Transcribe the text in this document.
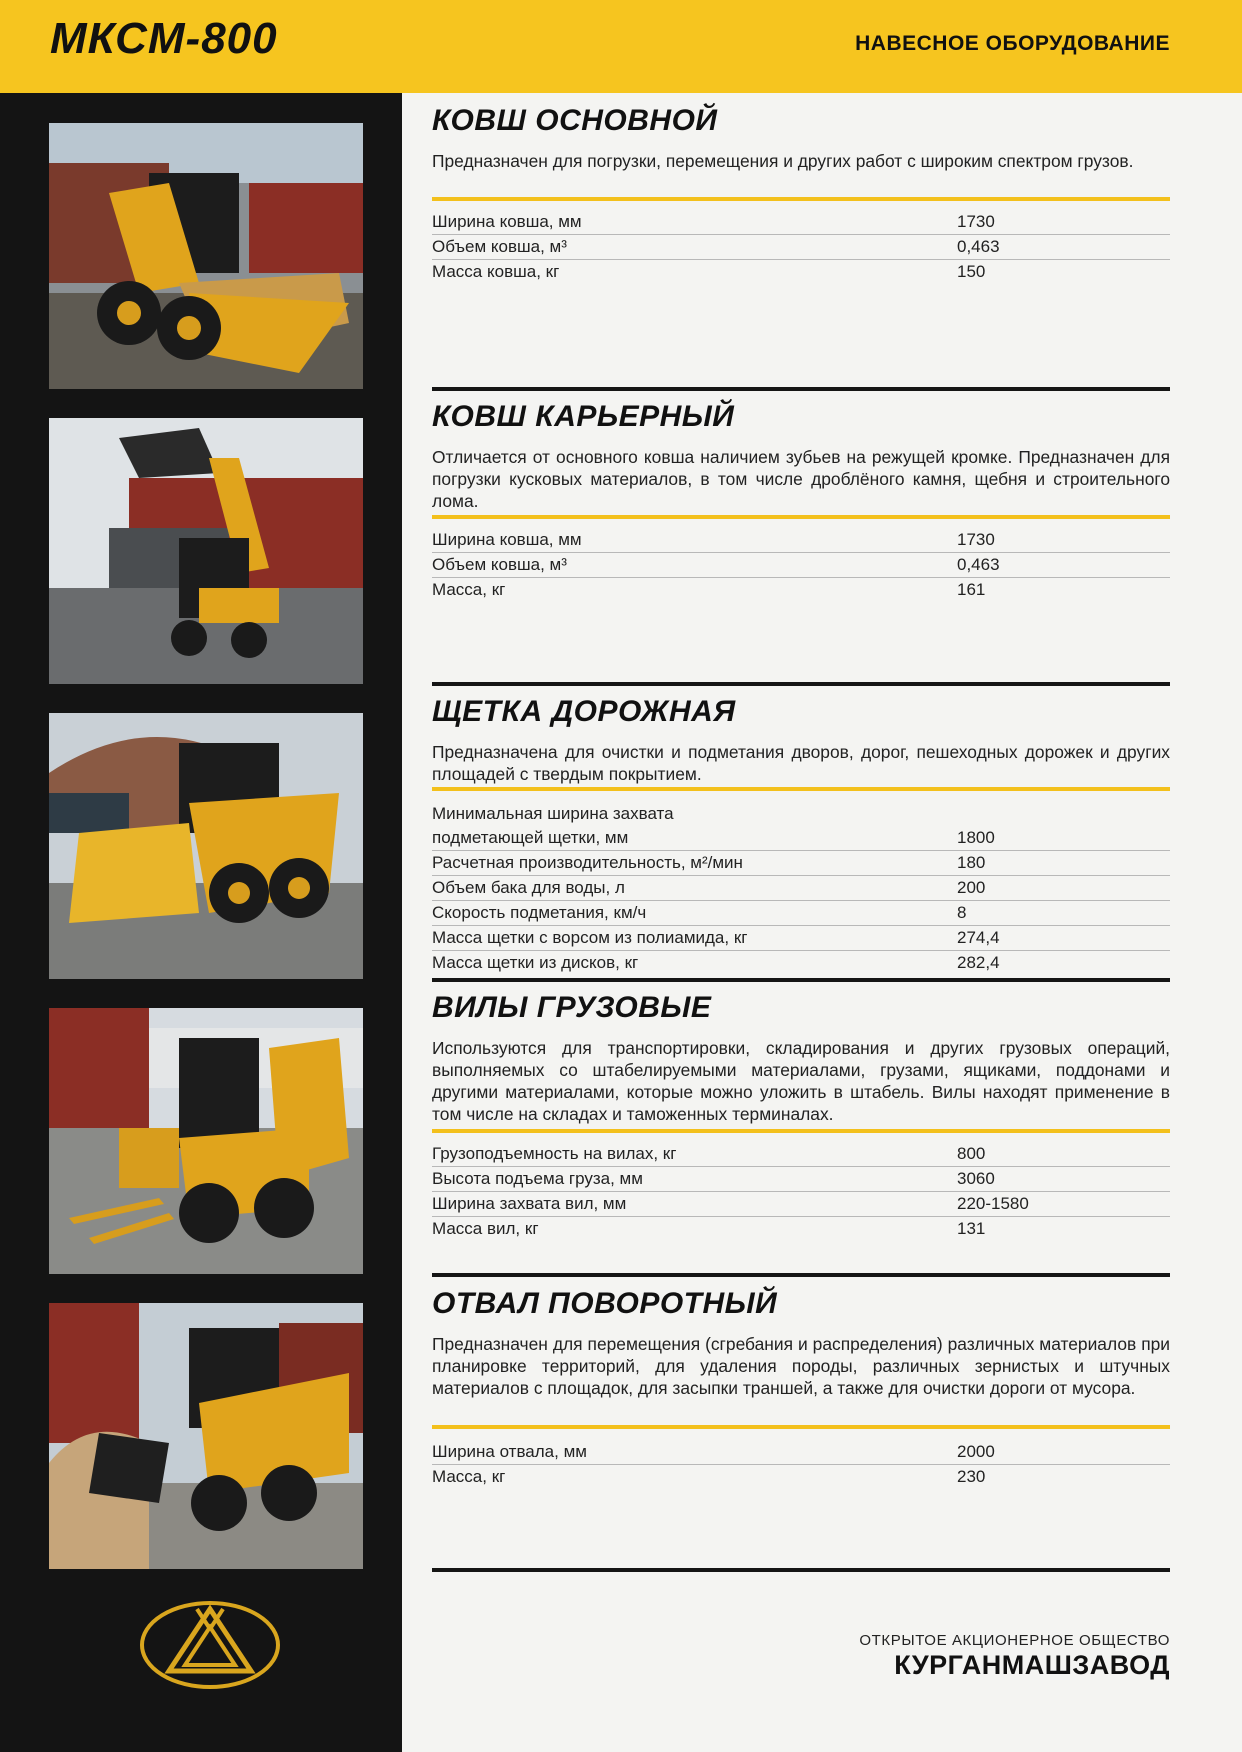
МКСМ-800	НАВЕСНОЕ ОБОРУДОВАНИЕ
КОВШ ОСНОВНОЙ
Предназначен для погрузки, перемещения и других работ с широким спектром грузов.
Ширина ковша, мм	1730
Объем ковша, м³	0,463
Масса ковша, кг	150
КОВШ КАРЬЕРНЫЙ
Отличается от основного ковша наличием зубьев на режущей кромке. Предназначен для погрузки кусковых материалов, в том числе дроблёного камня, щебня и строительного лома.
Ширина ковша, мм	1730
Объем ковша, м³	0,463
Масса, кг	161
ЩЕТКА ДОРОЖНАЯ
Предназначена для очистки и подметания дворов, дорог, пешеходных дорожек и других площадей с твердым покрытием.
Минимальная ширина захвата подметающей щетки, мм	1800
Расчетная производительность, м²/мин	180
Объем бака для воды, л	200
Скорость подметания, км/ч	8
Масса щетки с ворсом из полиамида, кг	274,4
Масса щетки из дисков, кг	282,4
ВИЛЫ ГРУЗОВЫЕ
Используются для транспортировки, складирования и других грузовых операций, выполняемых со штабелируемыми материалами, грузами, ящиками, поддонами и другими материалами, которые можно уложить в штабель. Вилы находят применение в том числе на складах и таможенных терминалах.
Грузоподъемность на вилах, кг	800
Высота подъема груза, мм	3060
Ширина захвата вил, мм	220-1580
Масса вил, кг	131
ОТВАЛ ПОВОРОТНЫЙ
Предназначен для перемещения (сгребания и распределения) различных материалов при планировке территорий, для удаления породы, различных зернистых и штучных материалов с площадок, для засыпки траншей, а также для очистки дороги от мусора.
Ширина отвала, мм	2000
Масса, кг	230
ОТКРЫТОЕ АКЦИОНЕРНОЕ ОБЩЕСТВО
КУРГАНМАШЗАВОД
